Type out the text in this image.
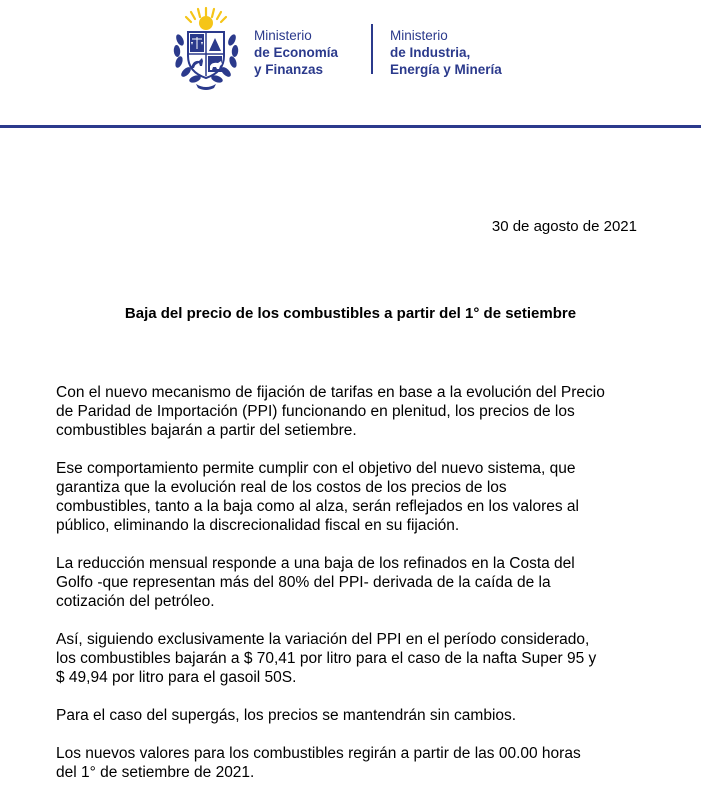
Ministerio
de Economía
y Finanzas
Ministerio
de Industria,
Energía y Minería
30 de agosto de 2021
Baja del precio de los combustibles a partir del 1° de setiembre

Con el nuevo mecanismo de fijación de tarifas en base a la evolución del Precio
de Paridad de Importación (PPI) funcionando en plenitud, los precios de los
combustibles bajarán a partir del setiembre.

Ese comportamiento permite cumplir con el objetivo del nuevo sistema, que
garantiza que la evolución real de los costos de los precios de los
combustibles, tanto a la baja como al alza, serán reflejados en los valores al
público, eliminando la discrecionalidad fiscal en su fijación.

La reducción mensual responde a una baja de los refinados en la Costa del
Golfo -que representan más del 80% del PPI- derivada de la caída de la
cotización del petróleo.

Así, siguiendo exclusivamente la variación del PPI en el período considerado,
los combustibles bajarán a $ 70,41 por litro para el caso de la nafta Super 95 y
$ 49,94 por litro para el gasoil 50S.

Para el caso del supergás, los precios se mantendrán sin cambios.

Los nuevos valores para los combustibles regirán a partir de las 00.00 horas
del 1° de setiembre de 2021.
